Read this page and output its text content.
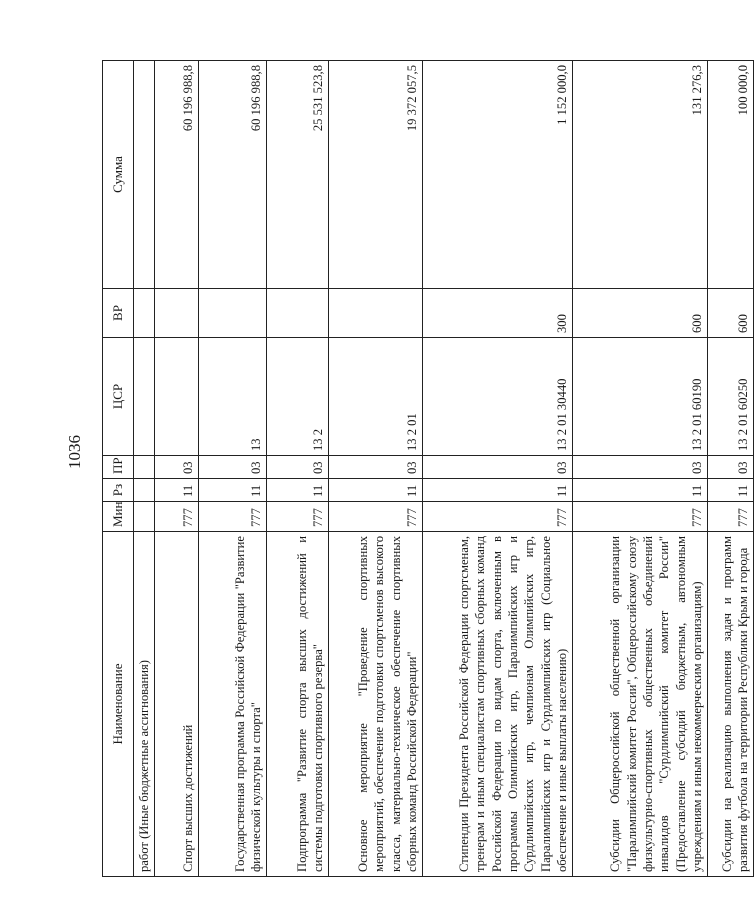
1036
Наименование	Мин	Рз	ПР	ЦСР	ВР	Сумма
работ (Иные бюджетные ассигнования)						
Спорт высших достижений	777	11	03			60 196 988,8
Государственная программа Российской Федерации "Развитие физической культуры и спорта"	777	11	03	13		60 196 988,8
Подпрограмма "Развитие спорта высших достижений и системы подготовки спортивного резерва"	777	11	03	13 2		25 531 523,8
Основное мероприятие "Проведение спортивных мероприятий, обеспечение подготовки спортсменов высокого класса, материально-техническое обеспечение спортивных сборных команд Российской Федерации"	777	11	03	13 2 01		19 372 057,5
Стипендии Президента Российской Федерации спортсменам, тренерам и иным специалистам спортивных сборных команд Российской Федерации по видам спорта, включенным в программы Олимпийских игр, Паралимпийских игр и Сурдлимпийских игр, чемпионам Олимпийских игр, Паралимпийских игр и Сурдлимпийских игр (Социальное обеспечение и иные выплаты населению)	777	11	03	13 2 01 30440	300	1 152 000,0
Субсидии Общероссийской общественной организации "Паралимпийский комитет России", Общероссийскому союзу физкультурно-спортивных общественных объединений инвалидов "Сурдлимпийский комитет России" (Предоставление субсидий бюджетным, автономным учреждениям и иным некоммерческим организациям)	777	11	03	13 2 01 60190	600	131 276,3
Субсидии на реализацию выполнения задач и программ развития футбола на территории Республики Крым и города	777	11	03	13 2 01 60250	600	100 000,0
